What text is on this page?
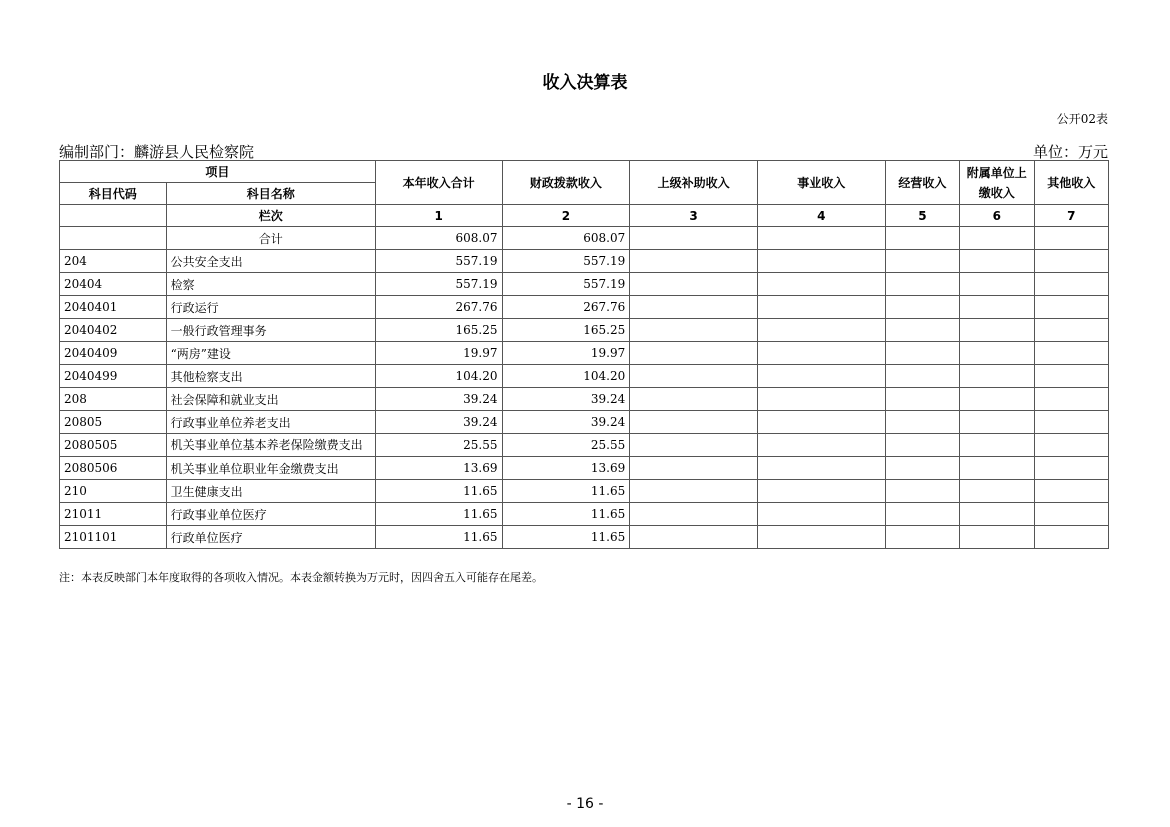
收入决算表
公开02表
编制部门：麟游县人民检察院	单位：万元
项目		本年收入合计	财政拨款收入	上级补助收入	事业收入	经营收入	附属单位上缴收入	其他收入
科目代码	科目名称							
	栏次	1	2	3	4	5	6	7
	合计	608.07	608.07					
204	公共安全支出	557.19	557.19					
20404	检察	557.19	557.19					
2040401	行政运行	267.76	267.76					
2040402	一般行政管理事务	165.25	165.25					
2040409	“两房”建设	19.97	19.97					
2040499	其他检察支出	104.20	104.20					
208	社会保障和就业支出	39.24	39.24					
20805	行政事业单位养老支出	39.24	39.24					
2080505	机关事业单位基本养老保险缴费支出	25.55	25.55					
2080506	机关事业单位职业年金缴费支出	13.69	13.69					
210	卫生健康支出	11.65	11.65					
21011	行政事业单位医疗	11.65	11.65					
2101101	行政单位医疗	11.65	11.65					
注：本表反映部门本年度取得的各项收入情况。本表金额转换为万元时，因四舍五入可能存在尾差。
- 16 -
